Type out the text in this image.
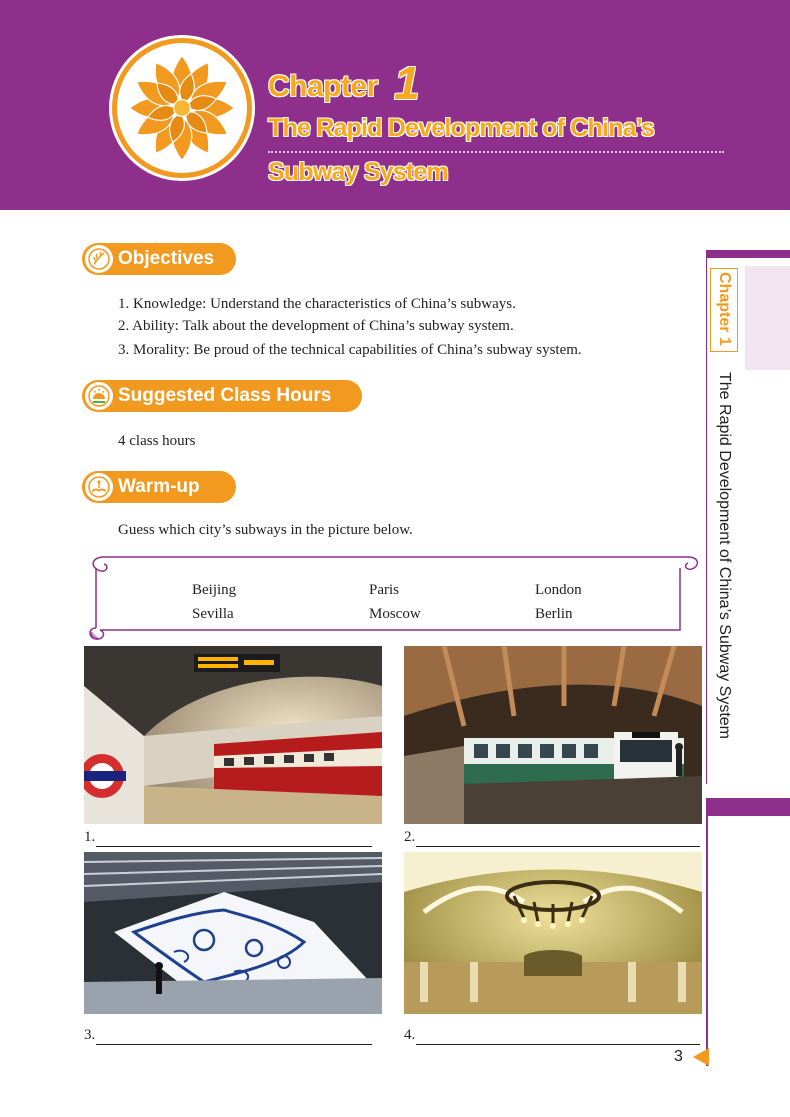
Chapter 1
The Rapid Development of China’s
Subway System
Objectives
1. Knowledge: Understand the characteristics of China’s subways.
2. Ability: Talk about the development of China’s subway system.
3. Morality: Be proud of the technical capabilities of China’s subway system.
Suggested Class Hours
4 class hours
Warm-up
Guess which city’s subways in the picture below.
Beijing	Paris	London
Sevilla	Moscow	Berlin
1.	2.
3.	4.
Chapter 1
The Rapid Development of China’s Subway System
3
